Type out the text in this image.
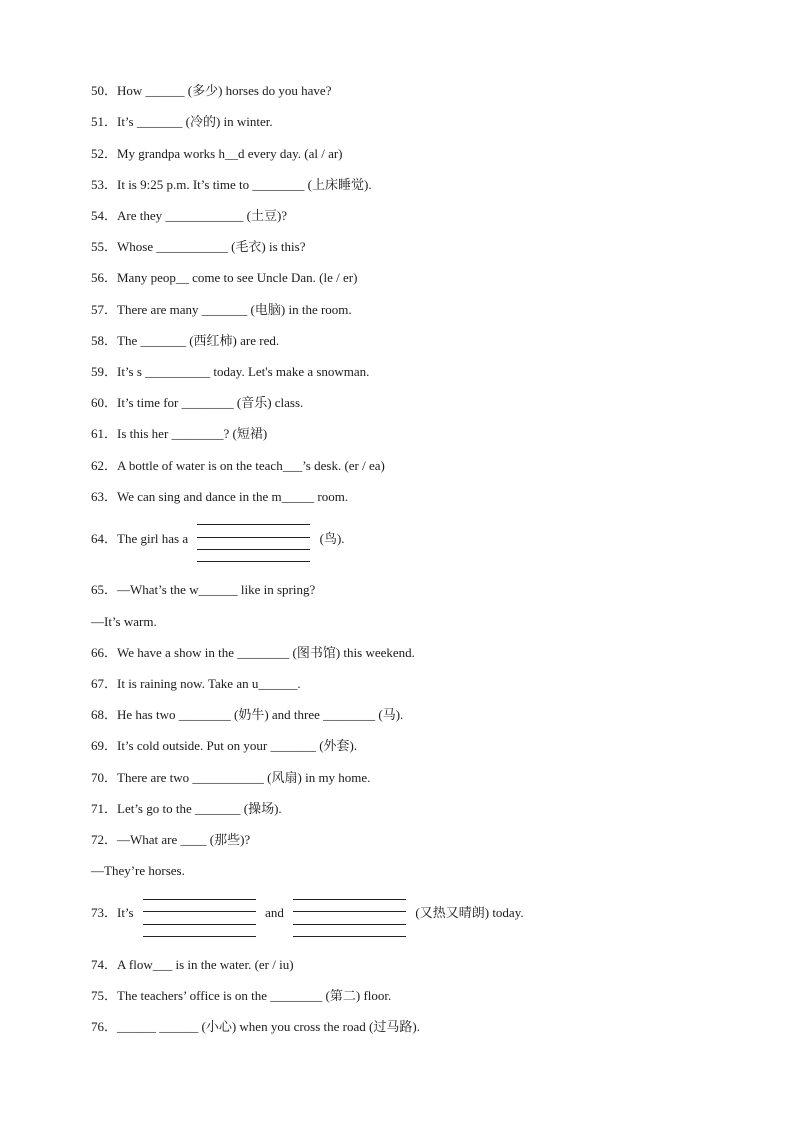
50．How ______ (多少) horses do you have?
51．It’s _______ (冷的) in winter.
52．My grandpa works h__d every day. (al / ar)
53．It is 9:25 p.m. It’s time to ________ (上床睡觉).
54．Are they ____________ (土豆)?
55．Whose ___________ (毛衣) is this?
56．Many peop__ come to see Uncle Dan. (le / er)
57．There are many _______ (电脑) in the room.
58．The _______ (西红柿) are red.
59．It’s s __________ today. Let's make a snowman.
60．It’s time for ________ (音乐) class.
61．Is this her ________? (短裙)
62．A bottle of water is on the teach___’s desk. (er / ea)
63．We can sing and dance in the m_____ room.
64．The girl has a	(鸟).
65．—What’s the w______ like in spring?
—It’s warm.
66．We have a show in the ________ (图书馆) this weekend.
67．It is raining now. Take an u______.
68．He has two ________ (奶牛) and three ________ (马).
69．It’s cold outside. Put on your _______ (外套).
70．There are two ___________ (风扇) in my home.
71．Let’s go to the _______ (操场).
72．—What are ____ (那些)?
—They’re horses.
73．It’s	and	(又热又晴朗) today.
74．A flow___ is in the water. (er / iu)
75．The teachers’ office is on the ________ (第二) floor.
76．______ ______ (小心) when you cross the road (过马路).
